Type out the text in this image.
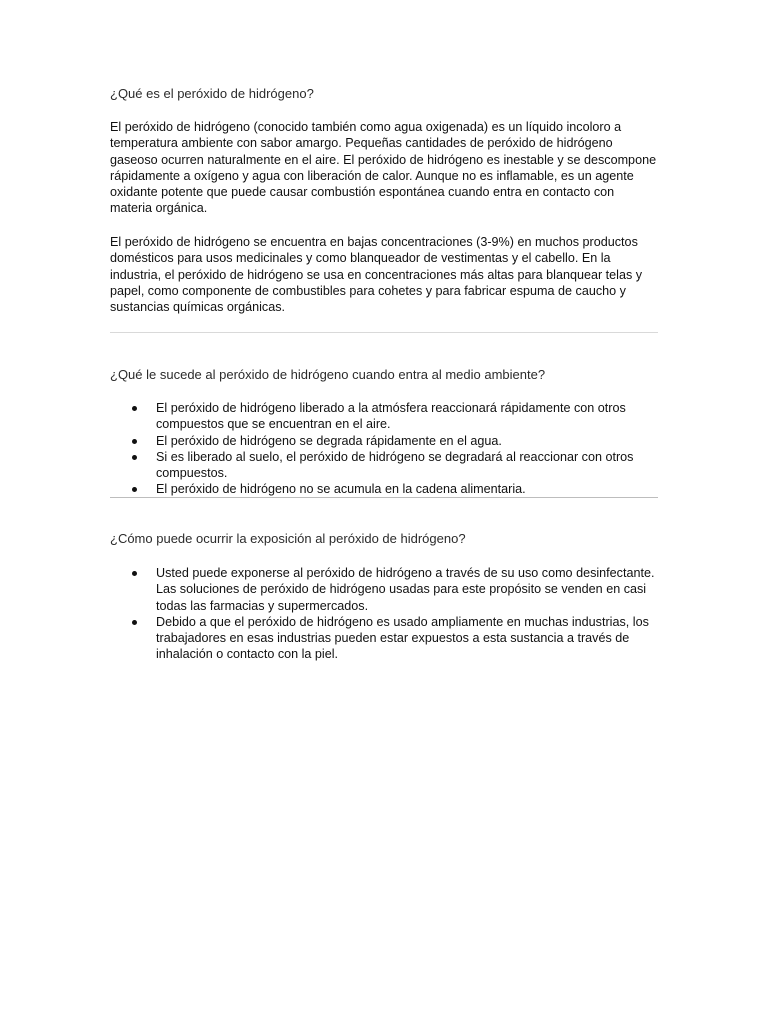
¿Qué es el peróxido de hidrógeno?

El peróxido de hidrógeno (conocido también como agua oxigenada) es un líquido incoloro a temperatura ambiente con sabor amargo. Pequeñas cantidades de peróxido de hidrógeno gaseoso ocurren naturalmente en el aire. El peróxido de hidrógeno es inestable y se descompone rápidamente a oxígeno y agua con liberación de calor. Aunque no es inflamable, es un agente oxidante potente que puede causar combustión espontánea cuando entra en contacto con materia orgánica.

El peróxido de hidrógeno se encuentra en bajas concentraciones (3-9%) en muchos productos domésticos para usos medicinales y como blanqueador de vestimentas y el cabello. En la industria, el peróxido de hidrógeno se usa en concentraciones más altas para blanquear telas y papel, como componente de combustibles para cohetes y para fabricar espuma de caucho y sustancias químicas orgánicas.

¿Qué le sucede al peróxido de hidrógeno cuando entra al medio ambiente?

El peróxido de hidrógeno liberado a la atmósfera reaccionará rápidamente con otros compuestos que se encuentran en el aire.
El peróxido de hidrógeno se degrada rápidamente en el agua.
Si es liberado al suelo, el peróxido de hidrógeno se degradará al reaccionar con otros compuestos.
El peróxido de hidrógeno no se acumula en la cadena alimentaria.

¿Cómo puede ocurrir la exposición al peróxido de hidrógeno?

Usted puede exponerse al peróxido de hidrógeno a través de su uso como desinfectante. Las soluciones de peróxido de hidrógeno usadas para este propósito se venden en casi todas las farmacias y supermercados.
Debido a que el peróxido de hidrógeno es usado ampliamente en muchas industrias, los trabajadores en esas industrias pueden estar expuestos a esta sustancia a través de inhalación o contacto con la piel.
